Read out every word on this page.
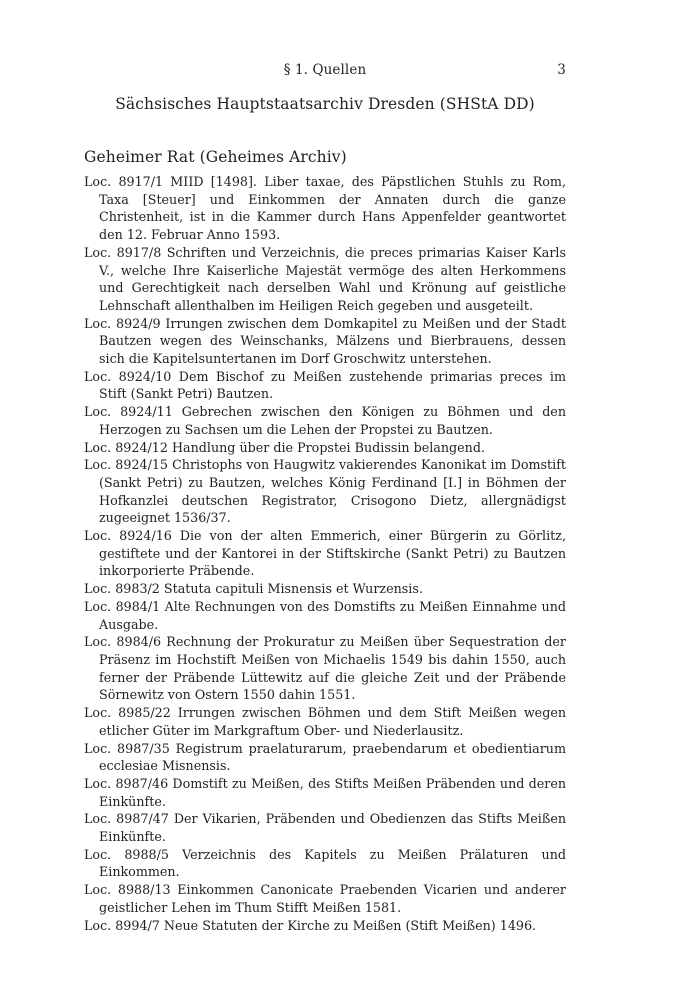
§ 1. Quellen	3
Sächsisches Hauptstaatsarchiv Dresden (SHStA DD)
Geheimer Rat (Geheimes Archiv)

Loc. 8917/1 MIID [1498]. Liber taxae, des Päpstlichen Stuhls zu Rom, Taxa [Steuer] und Einkommen der Annaten durch die ganze Christenheit, ist in die Kammer durch Hans Appenfelder geantwortet den 12. Februar Anno 1593.

Loc. 8917/8 Schriften und Verzeichnis, die preces primarias Kaiser Karls V., welche Ihre Kaiserliche Majestät vermöge des alten Herkommens und Gerechtigkeit nach derselben Wahl und Krönung auf geistliche Lehnschaft allenthalben im Heiligen Reich gegeben und ausgeteilt.

Loc. 8924/9 Irrungen zwischen dem Domkapitel zu Meißen und der Stadt Bautzen wegen des Weinschanks, Mälzens und Bierbrauens, dessen sich die Kapitelsuntertanen im Dorf Groschwitz unterstehen.

Loc. 8924/10 Dem Bischof zu Meißen zustehende primarias preces im Stift (Sankt Petri) Bautzen.

Loc. 8924/11 Gebrechen zwischen den Königen zu Böhmen und den Herzogen zu Sachsen um die Lehen der Propstei zu Bautzen.

Loc. 8924/12 Handlung über die Propstei Budissin belangend.

Loc. 8924/15 Christophs von Haugwitz vakierendes Kanonikat im Domstift (Sankt Petri) zu Bautzen, welches König Ferdinand [I.] in Böhmen der Hofkanzlei deutschen Registrator, Crisogono Dietz, allergnädigst zugeeignet 1536/37.

Loc. 8924/16 Die von der alten Emmerich, einer Bürgerin zu Görlitz, gestiftete und der Kantorei in der Stiftskirche (Sankt Petri) zu Bautzen inkorporierte Präbende.

Loc. 8983/2 Statuta capituli Misnensis et Wurzensis.

Loc. 8984/1 Alte Rechnungen von des Domstifts zu Meißen Einnahme und Ausgabe.

Loc. 8984/6 Rechnung der Prokuratur zu Meißen über Sequestration der Präsenz im Hochstift Meißen von Michaelis 1549 bis dahin 1550, auch ferner der Präbende Lüttewitz auf die gleiche Zeit und der Präbende Sörnewitz von Ostern 1550 dahin 1551.

Loc. 8985/22 Irrungen zwischen Böhmen und dem Stift Meißen wegen etlicher Güter im Markgraftum Ober- und Niederlausitz.

Loc. 8987/35 Registrum praelaturarum, praebendarum et obedientiarum ecclesiae Misnensis.

Loc. 8987/46 Domstift zu Meißen, des Stifts Meißen Präbenden und deren Einkünfte.

Loc. 8987/47 Der Vikarien, Präbenden und Obedienzen das Stifts Meißen Einkünfte.

Loc. 8988/5 Verzeichnis des Kapitels zu Meißen Prälaturen und Einkommen.

Loc. 8988/13 Einkommen Canonicate Praebenden Vicarien und anderer geistlicher Lehen im Thum Stifft Meißen 1581.

Loc. 8994/7 Neue Statuten der Kirche zu Meißen (Stift Meißen) 1496.
